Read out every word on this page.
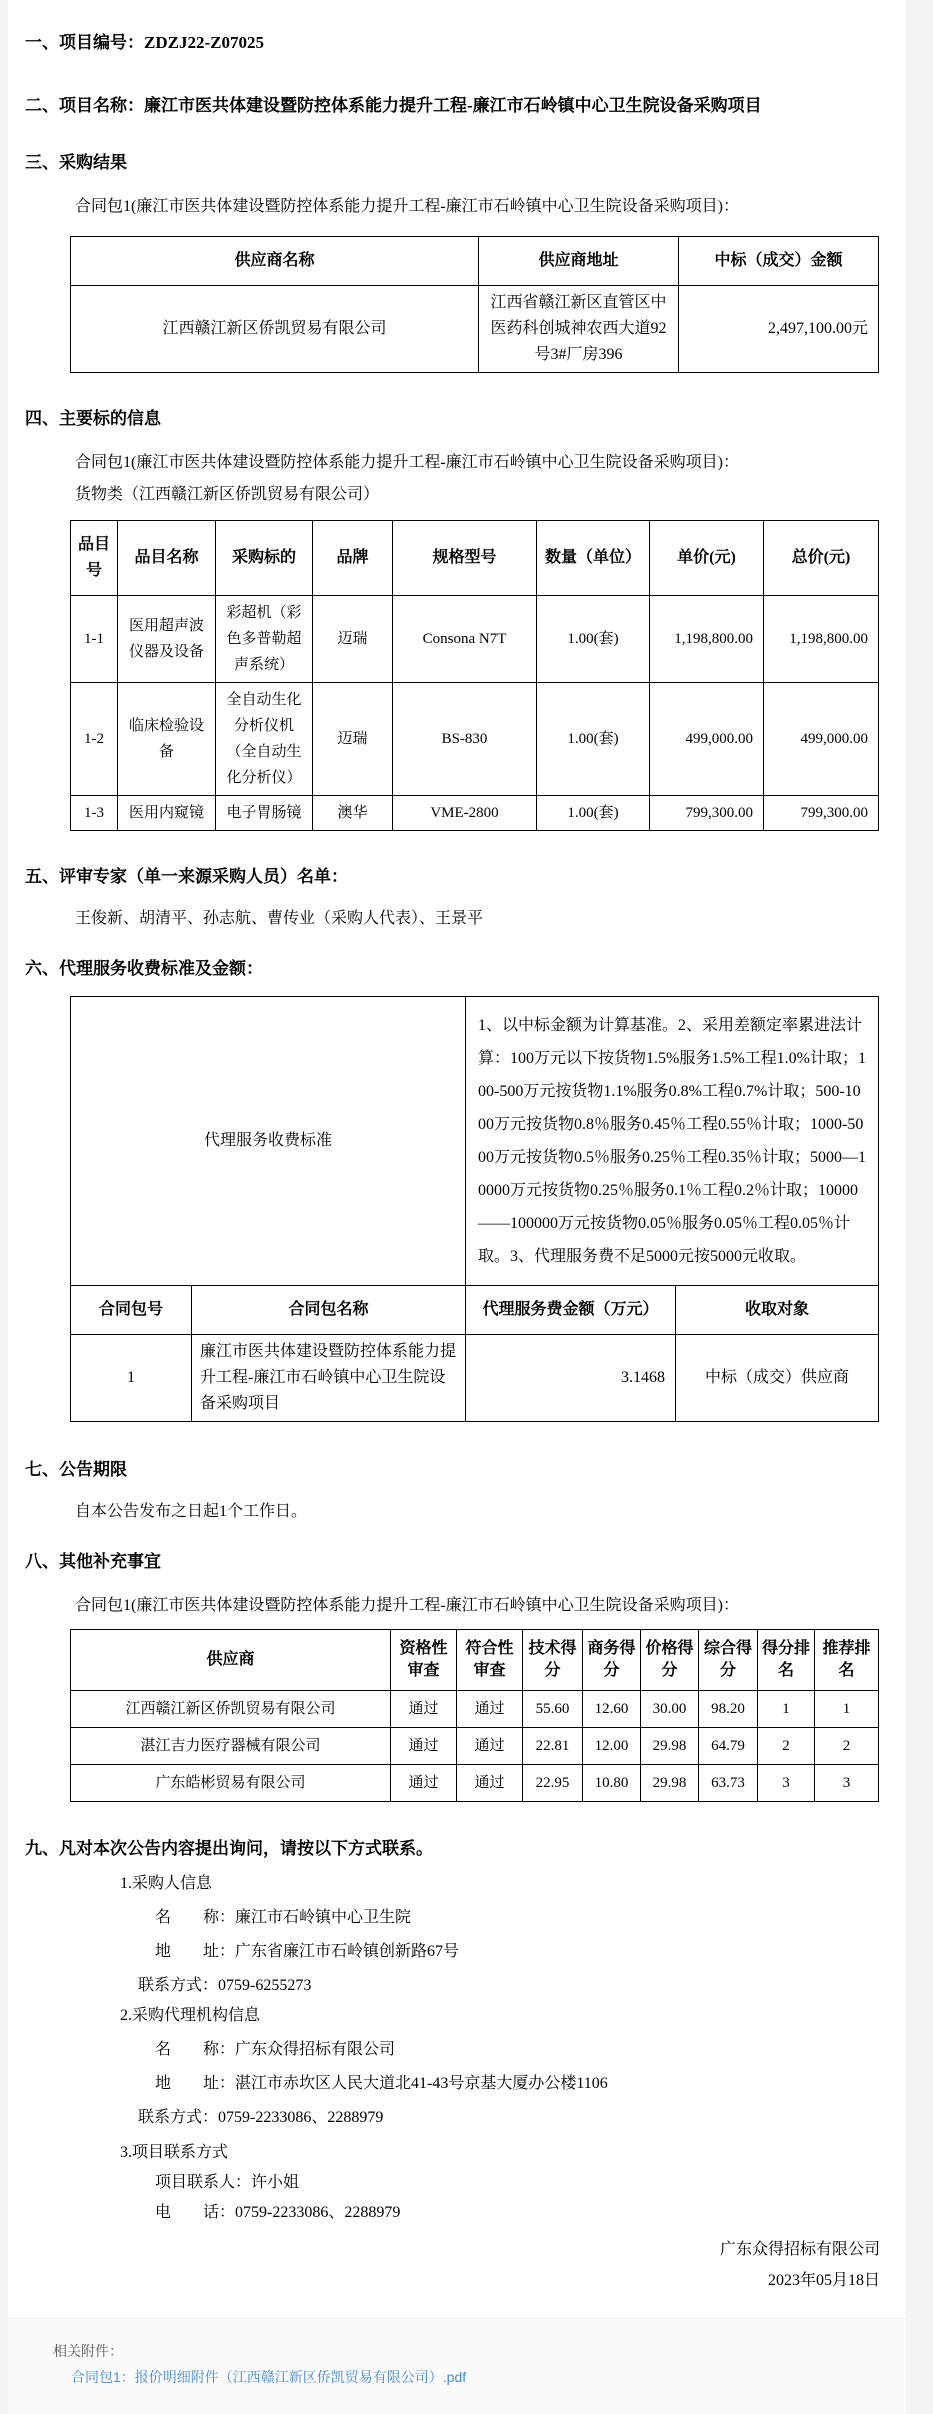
一、项目编号：ZDZJ22-Z07025

二、项目名称：廉江市医共体建设暨防控体系能力提升工程-廉江市石岭镇中心卫生院设备采购项目

三、采购结果

合同包1(廉江市医共体建设暨防控体系能力提升工程-廉江市石岭镇中心卫生院设备采购项目)：

供应商名称	供应商地址	中标（成交）金额
江西赣江新区侨凯贸易有限公司	江西省赣江新区直管区中医药科创城神农西大道92号3#厂房396	2,497,100.00元

四、主要标的信息

合同包1(廉江市医共体建设暨防控体系能力提升工程-廉江市石岭镇中心卫生院设备采购项目)：

货物类（江西赣江新区侨凯贸易有限公司）

品目号	品目名称	采购标的	品牌	规格型号	数量（单位）	单价(元)	总价(元)
1-1	医用超声波仪器及设备	彩超机（彩色多普勒超声系统）	迈瑞	Consona N7T	1.00(套)	1,198,800.00	1,198,800.00
1-2	临床检验设备	全自动生化分析仪机（全自动生化分析仪）	迈瑞	BS-830	1.00(套)	499,000.00	499,000.00
1-3	医用内窥镜	电子胃肠镜	澳华	VME-2800	1.00(套)	799,300.00	799,300.00

五、评审专家（单一来源采购人员）名单：

王俊新、胡清平、孙志航、曹传业（采购人代表）、王景平

六、代理服务收费标准及金额：

代理服务收费标准		1、以中标金额为计算基准。2、采用差额定率累进法计算：100万元以下按货物1.5%服务1.5%工程1.0%计取；100-500万元按货物1.1%服务0.8%工程0.7%计取；500-1000万元按货物0.8％服务0.45％工程0.55％计取；1000-5000万元按货物0.5％服务0.25％工程0.35％计取；5000—10000万元按货物0.25％服务0.1％工程0.2％计取；10000——100000万元按货物0.05％服务0.05％工程0.05％计取。3、代理服务费不足5000元按5000元收取。	
合同包号	合同包名称	代理服务费金额（万元）	收取对象
1	廉江市医共体建设暨防控体系能力提升工程-廉江市石岭镇中心卫生院设备采购项目	3.1468	中标（成交）供应商

七、公告期限

自本公告发布之日起1个工作日。

八、其他补充事宜

合同包1(廉江市医共体建设暨防控体系能力提升工程-廉江市石岭镇中心卫生院设备采购项目)：

供应商	资格性审查	符合性审查	技术得分	商务得分	价格得分	综合得分	得分排名	推荐排名
江西赣江新区侨凯贸易有限公司	通过	通过	55.60	12.60	30.00	98.20	1	1
湛江吉力医疗器械有限公司	通过	通过	22.81	12.00	29.98	64.79	2	2
广东皓彬贸易有限公司	通过	通过	22.95	10.80	29.98	63.73	3	3

九、凡对本次公告内容提出询问，请按以下方式联系。

1.采购人信息

名　　称：廉江市石岭镇中心卫生院

地　　址：广东省廉江市石岭镇创新路67号

联系方式：0759-6255273

2.采购代理机构信息

名　　称：广东众得招标有限公司

地　　址：湛江市赤坎区人民大道北41-43号京基大厦办公楼1106

联系方式：0759-2233086、2288979

3.项目联系方式

项目联系人：许小姐

电　　话：0759-2233086、2288979

广东众得招标有限公司

2023年05月18日

相关附件：

合同包1：报价明细附件（江西赣江新区侨凯贸易有限公司）.pdf
